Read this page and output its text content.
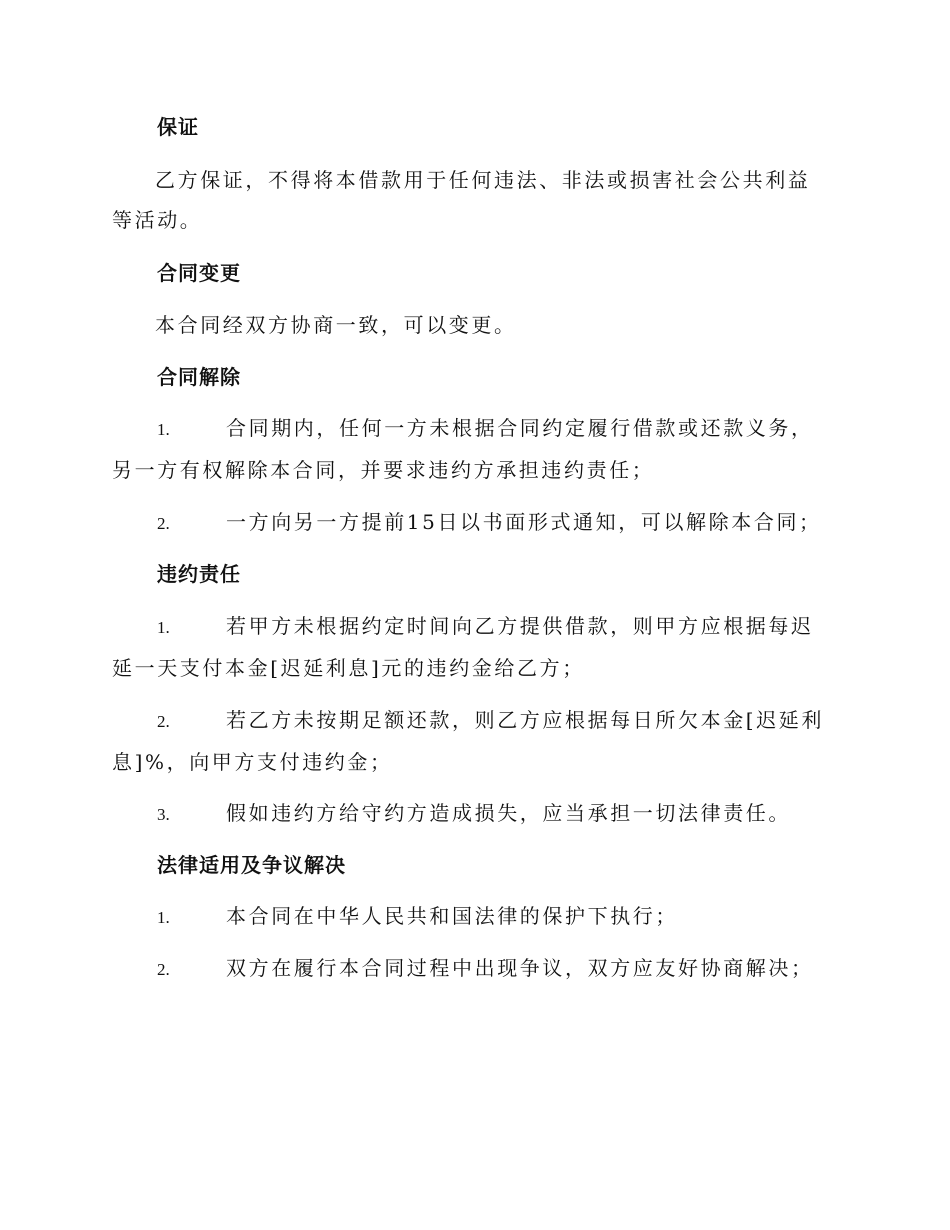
保证

乙方保证，不得将本借款用于任何违法、非法或损害社会公共利益等活动。

合同变更

本合同经双方协商一致，可以变更。

合同解除

1.	合同期内，任何一方未根据合同约定履行借款或还款义务，另一方有权解除本合同，并要求违约方承担违约责任；

2.	一方向另一方提前15日以书面形式通知，可以解除本合同；

违约责任

1.	若甲方未根据约定时间向乙方提供借款，则甲方应根据每迟延一天支付本金[迟延利息]元的违约金给乙方；

2.	若乙方未按期足额还款，则乙方应根据每日所欠本金[迟延利息]%，向甲方支付违约金；

3.	假如违约方给守约方造成损失，应当承担一切法律责任。

法律适用及争议解决

1.	本合同在中华人民共和国法律的保护下执行；

2.	双方在履行本合同过程中出现争议，双方应友好协商解决；
